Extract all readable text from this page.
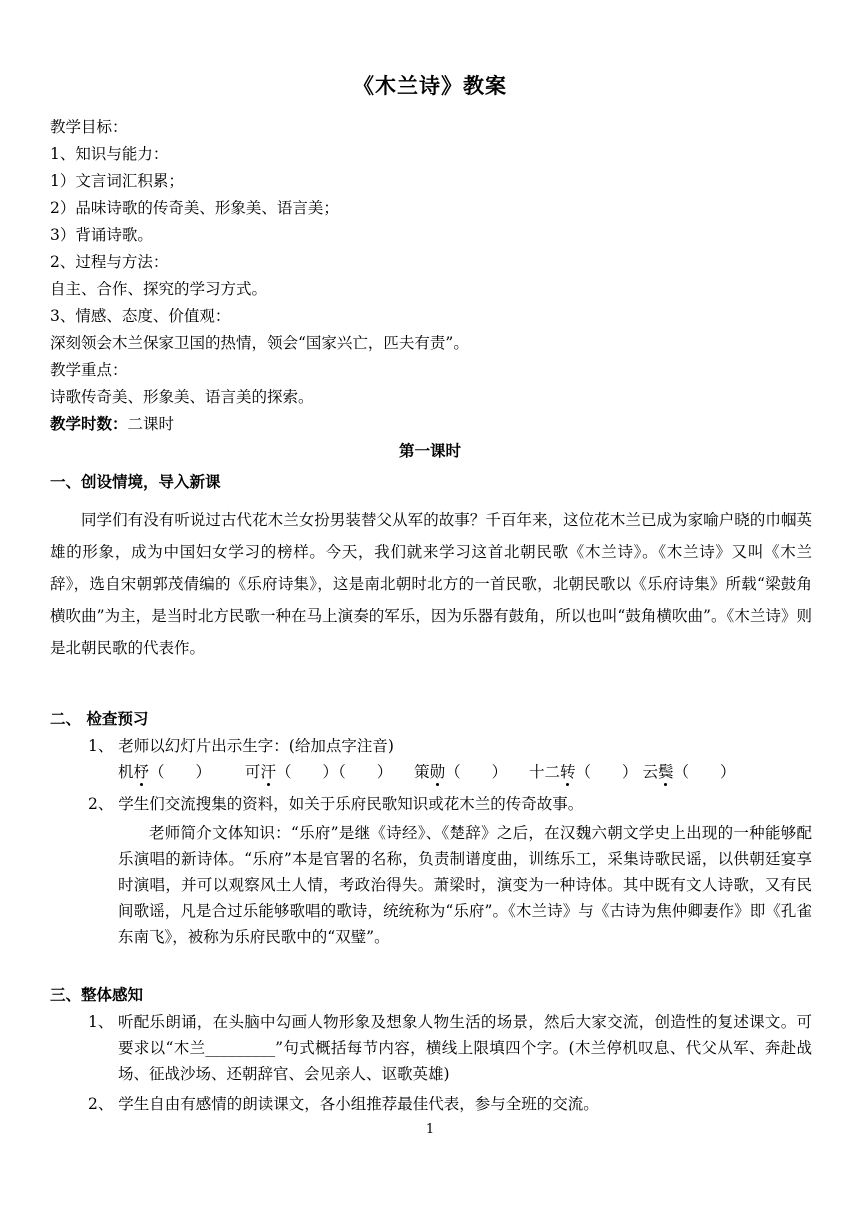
《木兰诗》教案
教学目标：
1、知识与能力：
1）文言词汇积累；
2）品味诗歌的传奇美、形象美、语言美；
3）背诵诗歌。
2、过程与方法：
自主、合作、探究的学习方式。
3、情感、态度、价值观：
深刻领会木兰保家卫国的热情，领会“国家兴亡，匹夫有责”。
教学重点：
诗歌传奇美、形象美、语言美的探索。
教学时数：二课时
第一课时
一、创设情境，导入新课
同学们有没有听说过古代花木兰女扮男装替父从军的故事？千百年来，这位花木兰已成为家喻户晓的巾帼英雄的形象，成为中国妇女学习的榜样。今天，我们就来学习这首北朝民歌《木兰诗》。《木兰诗》又叫《木兰辞》，选自宋朝郭茂倩编的《乐府诗集》，这是南北朝时北方的一首民歌，北朝民歌以《乐府诗集》所载“梁鼓角横吹曲”为主，是当时北方民歌一种在马上演奏的军乐，因为乐器有鼓角，所以也叫“鼓角横吹曲”。《木兰诗》则是北朝民歌的代表作。
二、 检查预习
1、 老师以幻灯片出示生字：(给加点字注音)
机杼（　　） 可汗（　　）（　　） 策勋（　　） 十二转（　　） 云鬓（　　）
2、 学生们交流搜集的资料，如关于乐府民歌知识或花木兰的传奇故事。
老师简介文体知识：“乐府”是继《诗经》、《楚辞》之后，在汉魏六朝文学史上出现的一种能够配乐演唱的新诗体。“乐府”本是官署的名称，负责制谱度曲，训练乐工，采集诗歌民谣，以供朝廷宴享时演唱，并可以观察风土人情，考政治得失。萧梁时，演变为一种诗体。其中既有文人诗歌，又有民间歌谣，凡是合过乐能够歌唱的歌诗，统统称为“乐府”。《木兰诗》与《古诗为焦仲卿妻作》即《孔雀东南飞》，被称为乐府民歌中的“双璧”。
三、整体感知
1、 听配乐朗诵，在头脑中勾画人物形象及想象人物生活的场景，然后大家交流，创造性的复述课文。可要求以“木兰_________”句式概括每节内容，横线上限填四个字。(木兰停机叹息、代父从军、奔赴战场、征战沙场、还朝辞官、会见亲人、讴歌英雄)
2、 学生自由有感情的朗读课文，各小组推荐最佳代表，参与全班的交流。
1
